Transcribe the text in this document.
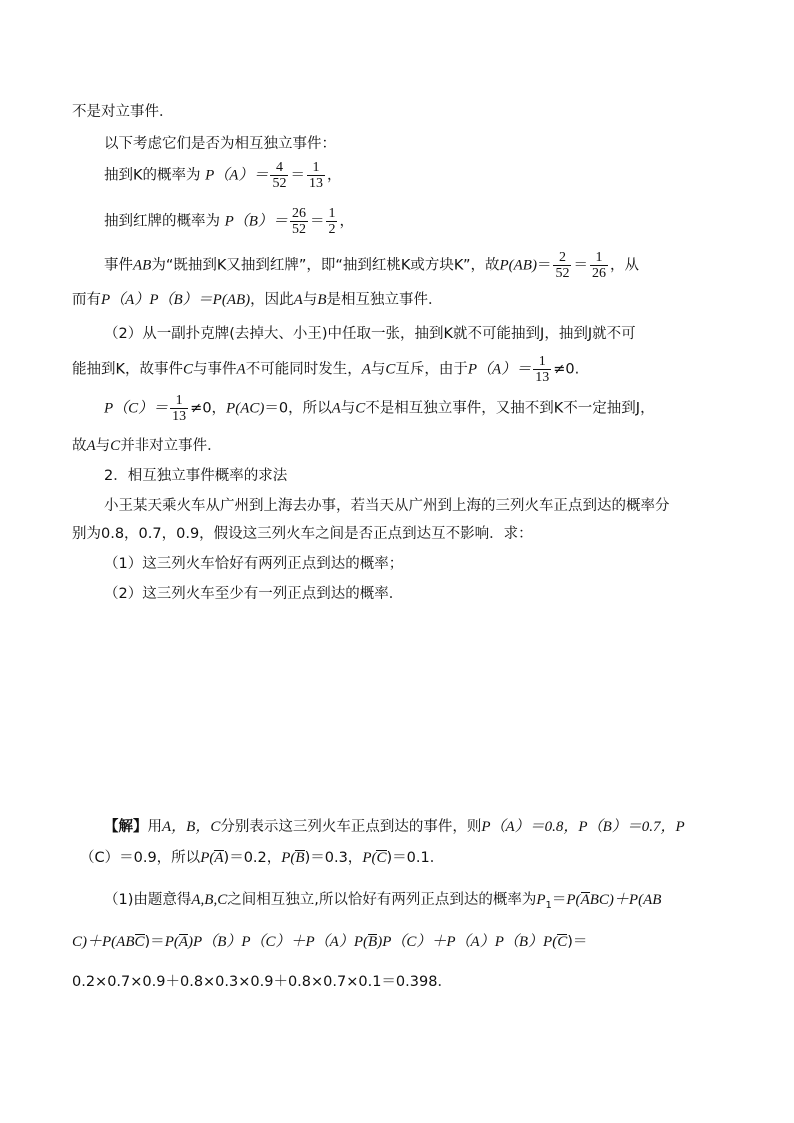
不是对立事件．
以下考虑它们是否为相互独立事件：
抽到K的概率为 $P(A)= \frac{4}{52} = \frac{1}{13}$ ，
抽到红牌的概率为 $P(B)= \frac{26}{52} = \frac{1}{2}$ ，
事件AB为“既抽到K又抽到红牌”，即“抽到红桃K或方块K”，故$P(AB)= \frac{2}{52} = \frac{1}{26}$ ，从
而有P（A）P（B）＝P(AB)，因此A与B是相互独立事件．
（2）从一副扑克牌(去掉大、小王)中任取一张，抽到K就不可能抽到J，抽到J就不可
能抽到K，故事件C与事件A不可能同时发生，A与C互斥，由于$P(A)= \frac{1}{13} \ne 0$.
$P(C)= \frac{1}{13} \ne 0$，P(AC)＝0，所以A与C不是相互独立事件，又抽不到K不一定抽到J，
故A与C并非对立事件．
2．相互独立事件概率的求法
小王某天乘火车从广州到上海去办事，若当天从广州到上海的三列火车正点到达的概率分
别为0.8，0.7，0.9，假设这三列火车之间是否正点到达互不影响．求：
（1）这三列火车恰好有两列正点到达的概率；
（2）这三列火车至少有一列正点到达的概率．
【解】用A，B，C分别表示这三列火车正点到达的事件，则P（A）＝0.8，P（B）＝0.7，P
（C）＝0.9，所以P(A)＝0.2，P(B)＝0.3，P(C)＝0.1．
（1)由题意得A,B,C之间相互独立,所以恰好有两列正点到达的概率为$P_1=P(ABC)+P(AB$
C)＋P(ABC)＝P(A)P（B）P（C）＋P（A）P(B)P（C）＋P（A）P（B）P(C)＝
0.2×0.7×0.9＋0.8×0.3×0.9＋0.8×0.7×0.1＝0.398．
